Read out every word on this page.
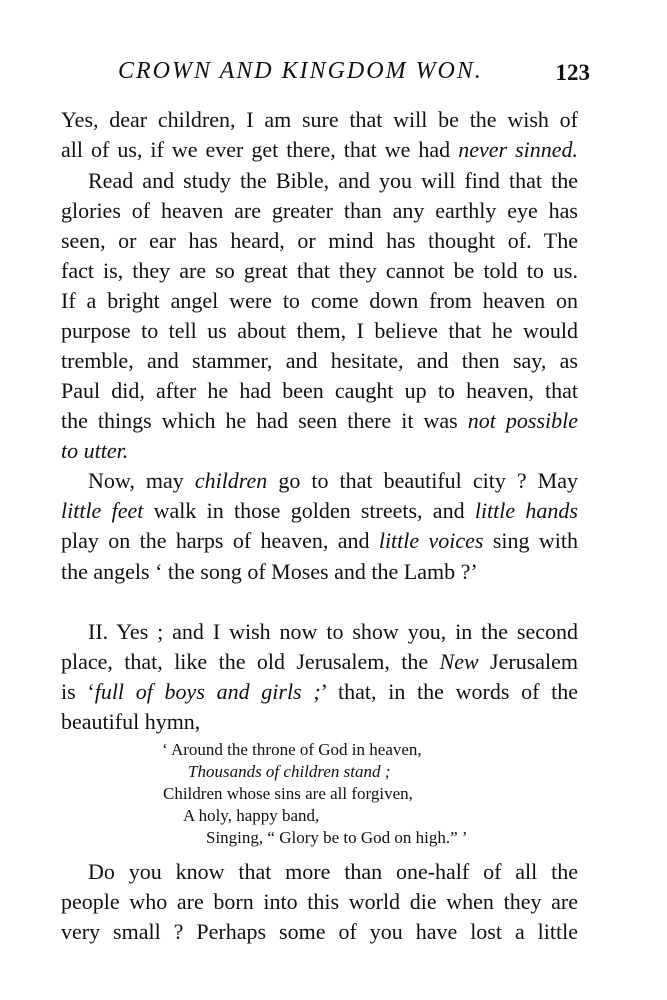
CROWN AND KINGDOM WON.	123
Yes, dear children, I am sure that will be the wish of
all of us, if we ever get there, that we had never sinned.
Read and study the Bible, and you will find that the
glories of heaven are greater than any earthly eye has
seen, or ear has heard, or mind has thought of. The
fact is, they are so great that they cannot be told to us.
If a bright angel were to come down from heaven on
purpose to tell us about them, I believe that he would
tremble, and stammer, and hesitate, and then say, as
Paul did, after he had been caught up to heaven, that
the things which he had seen there it was not possible
to utter.
Now, may children go to that beautiful city ? May
little feet walk in those golden streets, and little hands
play on the harps of heaven, and little voices sing with
the angels ‘ the song of Moses and the Lamb ?’
II. Yes ; and I wish now to show you, in the second
place, that, like the old Jerusalem, the New Jerusalem
is ‘full of boys and girls ;’ that, in the words of the
beautiful hymn,
‘ Around the throne of God in heaven,
Thousands of children stand ;
Children whose sins are all forgiven,
A holy, happy band,
Singing, “ Glory be to God on high.” ’
Do you know that more than one-half of all the
people who are born into this world die when they are
very small ? Perhaps some of you have lost a little
